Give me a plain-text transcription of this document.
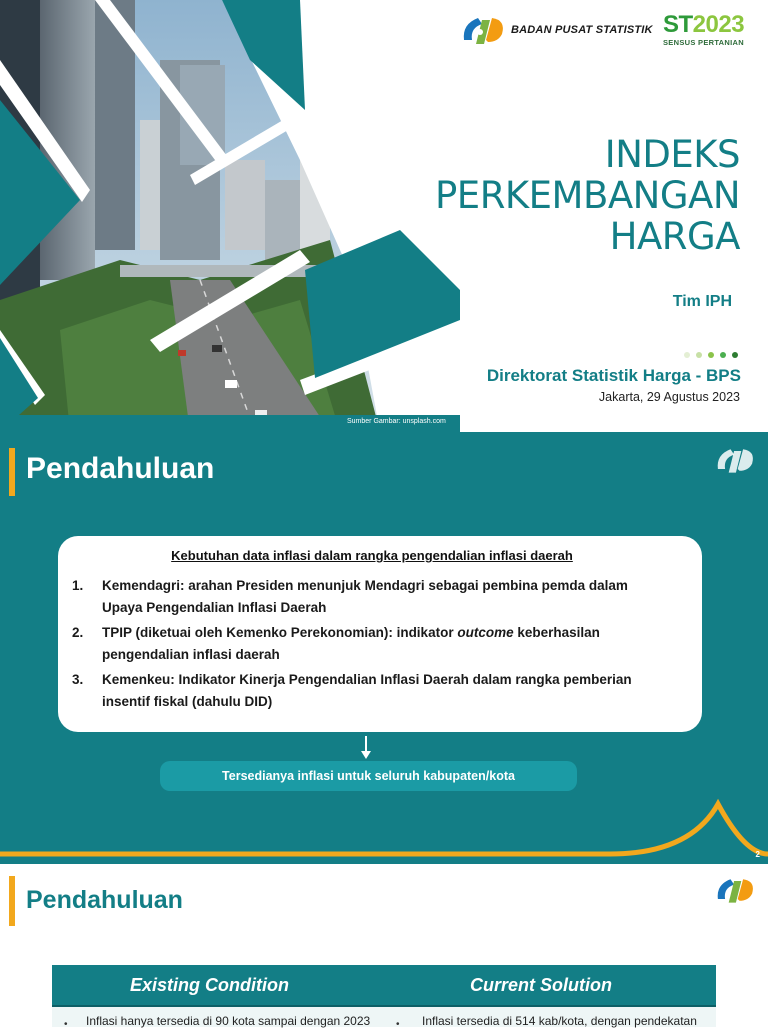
Sumber Gambar: unsplash.com
BADAN PUSAT STATISTIK ST2023
SENSUS PERTANIAN
INDEKS
PERKEMBANGAN
HARGA
Tim IPH
Direktorat Statistik Harga - BPS
Jakarta, 29 Agustus 2023
Pendahuluan
Kebutuhan data inflasi dalam rangka pengendalian inflasi daerah
1. Kemendagri: arahan Presiden menunjuk Mendagri sebagai pembina pemda dalam
Upaya Pengendalian Inflasi Daerah
2. TPIP (diketuai oleh Kemenko Perekonomian): indikator outcome keberhasilan
pengendalian inflasi daerah
3. Kemenkeu: Indikator Kinerja Pengendalian Inflasi Daerah dalam rangka pemberian
insentif fiskal (dahulu DID)
Tersedianya inflasi untuk seluruh kabupaten/kota
2
Pendahuluan
Existing Condition	Current Solution
• Inflasi hanya tersedia di 90 kota sampai dengan 2023	• Inflasi tersedia di 514 kab/kota, dengan pendekatan
